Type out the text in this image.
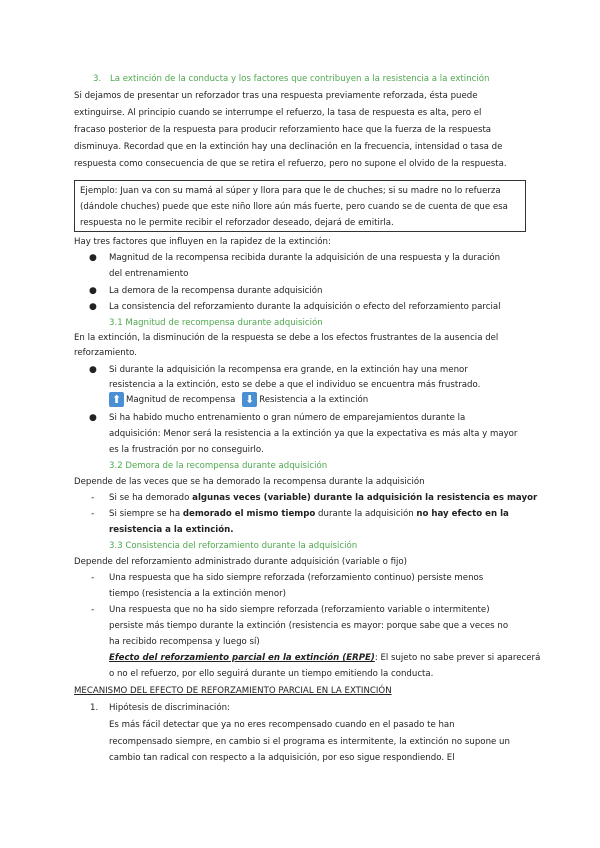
3. La extinción de la conducta y los factores que contribuyen a la resistencia a la extinción
Si dejamos de presentar un reforzador tras una respuesta previamente reforzada, ésta puede
extinguirse. Al principio cuando se interrumpe el refuerzo, la tasa de respuesta es alta, pero el
fracaso posterior de la respuesta para producir reforzamiento hace que la fuerza de la respuesta
disminuya. Recordad que en la extinción hay una declinación en la frecuencia, intensidad o tasa de
respuesta como consecuencia de que se retira el refuerzo, pero no supone el olvido de la respuesta.
Ejemplo: Juan va con su mamá al súper y llora para que le de chuches; si su madre no lo refuerza
(dándole chuches) puede que este niño llore aún más fuerte, pero cuando se de cuenta de que esa
respuesta no le permite recibir el reforzador deseado, dejará de emitirla.
Hay tres factores que influyen en la rapidez de la extinción:
● Magnitud de la recompensa recibida durante la adquisición de una respuesta y la duración
del entrenamiento
● La demora de la recompensa durante adquisición
● La consistencia del reforzamiento durante la adquisición o efecto del reforzamiento parcial
3.1 Magnitud de recompensa durante adquisición
En la extinción, la disminución de la respuesta se debe a los efectos frustrantes de la ausencia del
reforzamiento.
● Si durante la adquisición la recompensa era grande, en la extinción hay una menor
resistencia a la extinción, esto se debe a que el individuo se encuentra más frustrado.
⬆ Magnitud de recompensa ⬇ Resistencia a la extinción
● Si ha habido mucho entrenamiento o gran número de emparejamientos durante la
adquisición: Menor será la resistencia a la extinción ya que la expectativa es más alta y mayor
es la frustración por no conseguirlo.
3.2 Demora de la recompensa durante adquisición
Depende de las veces que se ha demorado la recompensa durante la adquisición
- Si se ha demorado algunas veces (variable) durante la adquisición la resistencia es mayor
- Si siempre se ha demorado el mismo tiempo durante la adquisición no hay efecto en la
resistencia a la extinción.
3.3 Consistencia del reforzamiento durante la adquisición
Depende del reforzamiento administrado durante adquisición (variable o fijo)
- Una respuesta que ha sido siempre reforzada (reforzamiento continuo) persiste menos
tiempo (resistencia a la extinción menor)
- Una respuesta que no ha sido siempre reforzada (reforzamiento variable o intermitente)
persiste más tiempo durante la extinción (resistencia es mayor: porque sabe que a veces no
ha recibido recompensa y luego sí)
Efecto del reforzamiento parcial en la extinción (ERPE): El sujeto no sabe prever si aparecerá
o no el refuerzo, por ello seguirá durante un tiempo emitiendo la conducta.
MECANISMO DEL EFECTO DE REFORZAMIENTO PARCIAL EN LA EXTINCIÓN
1. Hipótesis de discriminación:
Es más fácil detectar que ya no eres recompensado cuando en el pasado te han
recompensado siempre, en cambio si el programa es intermitente, la extinción no supone un
cambio tan radical con respecto a la adquisición, por eso sigue respondiendo. El
